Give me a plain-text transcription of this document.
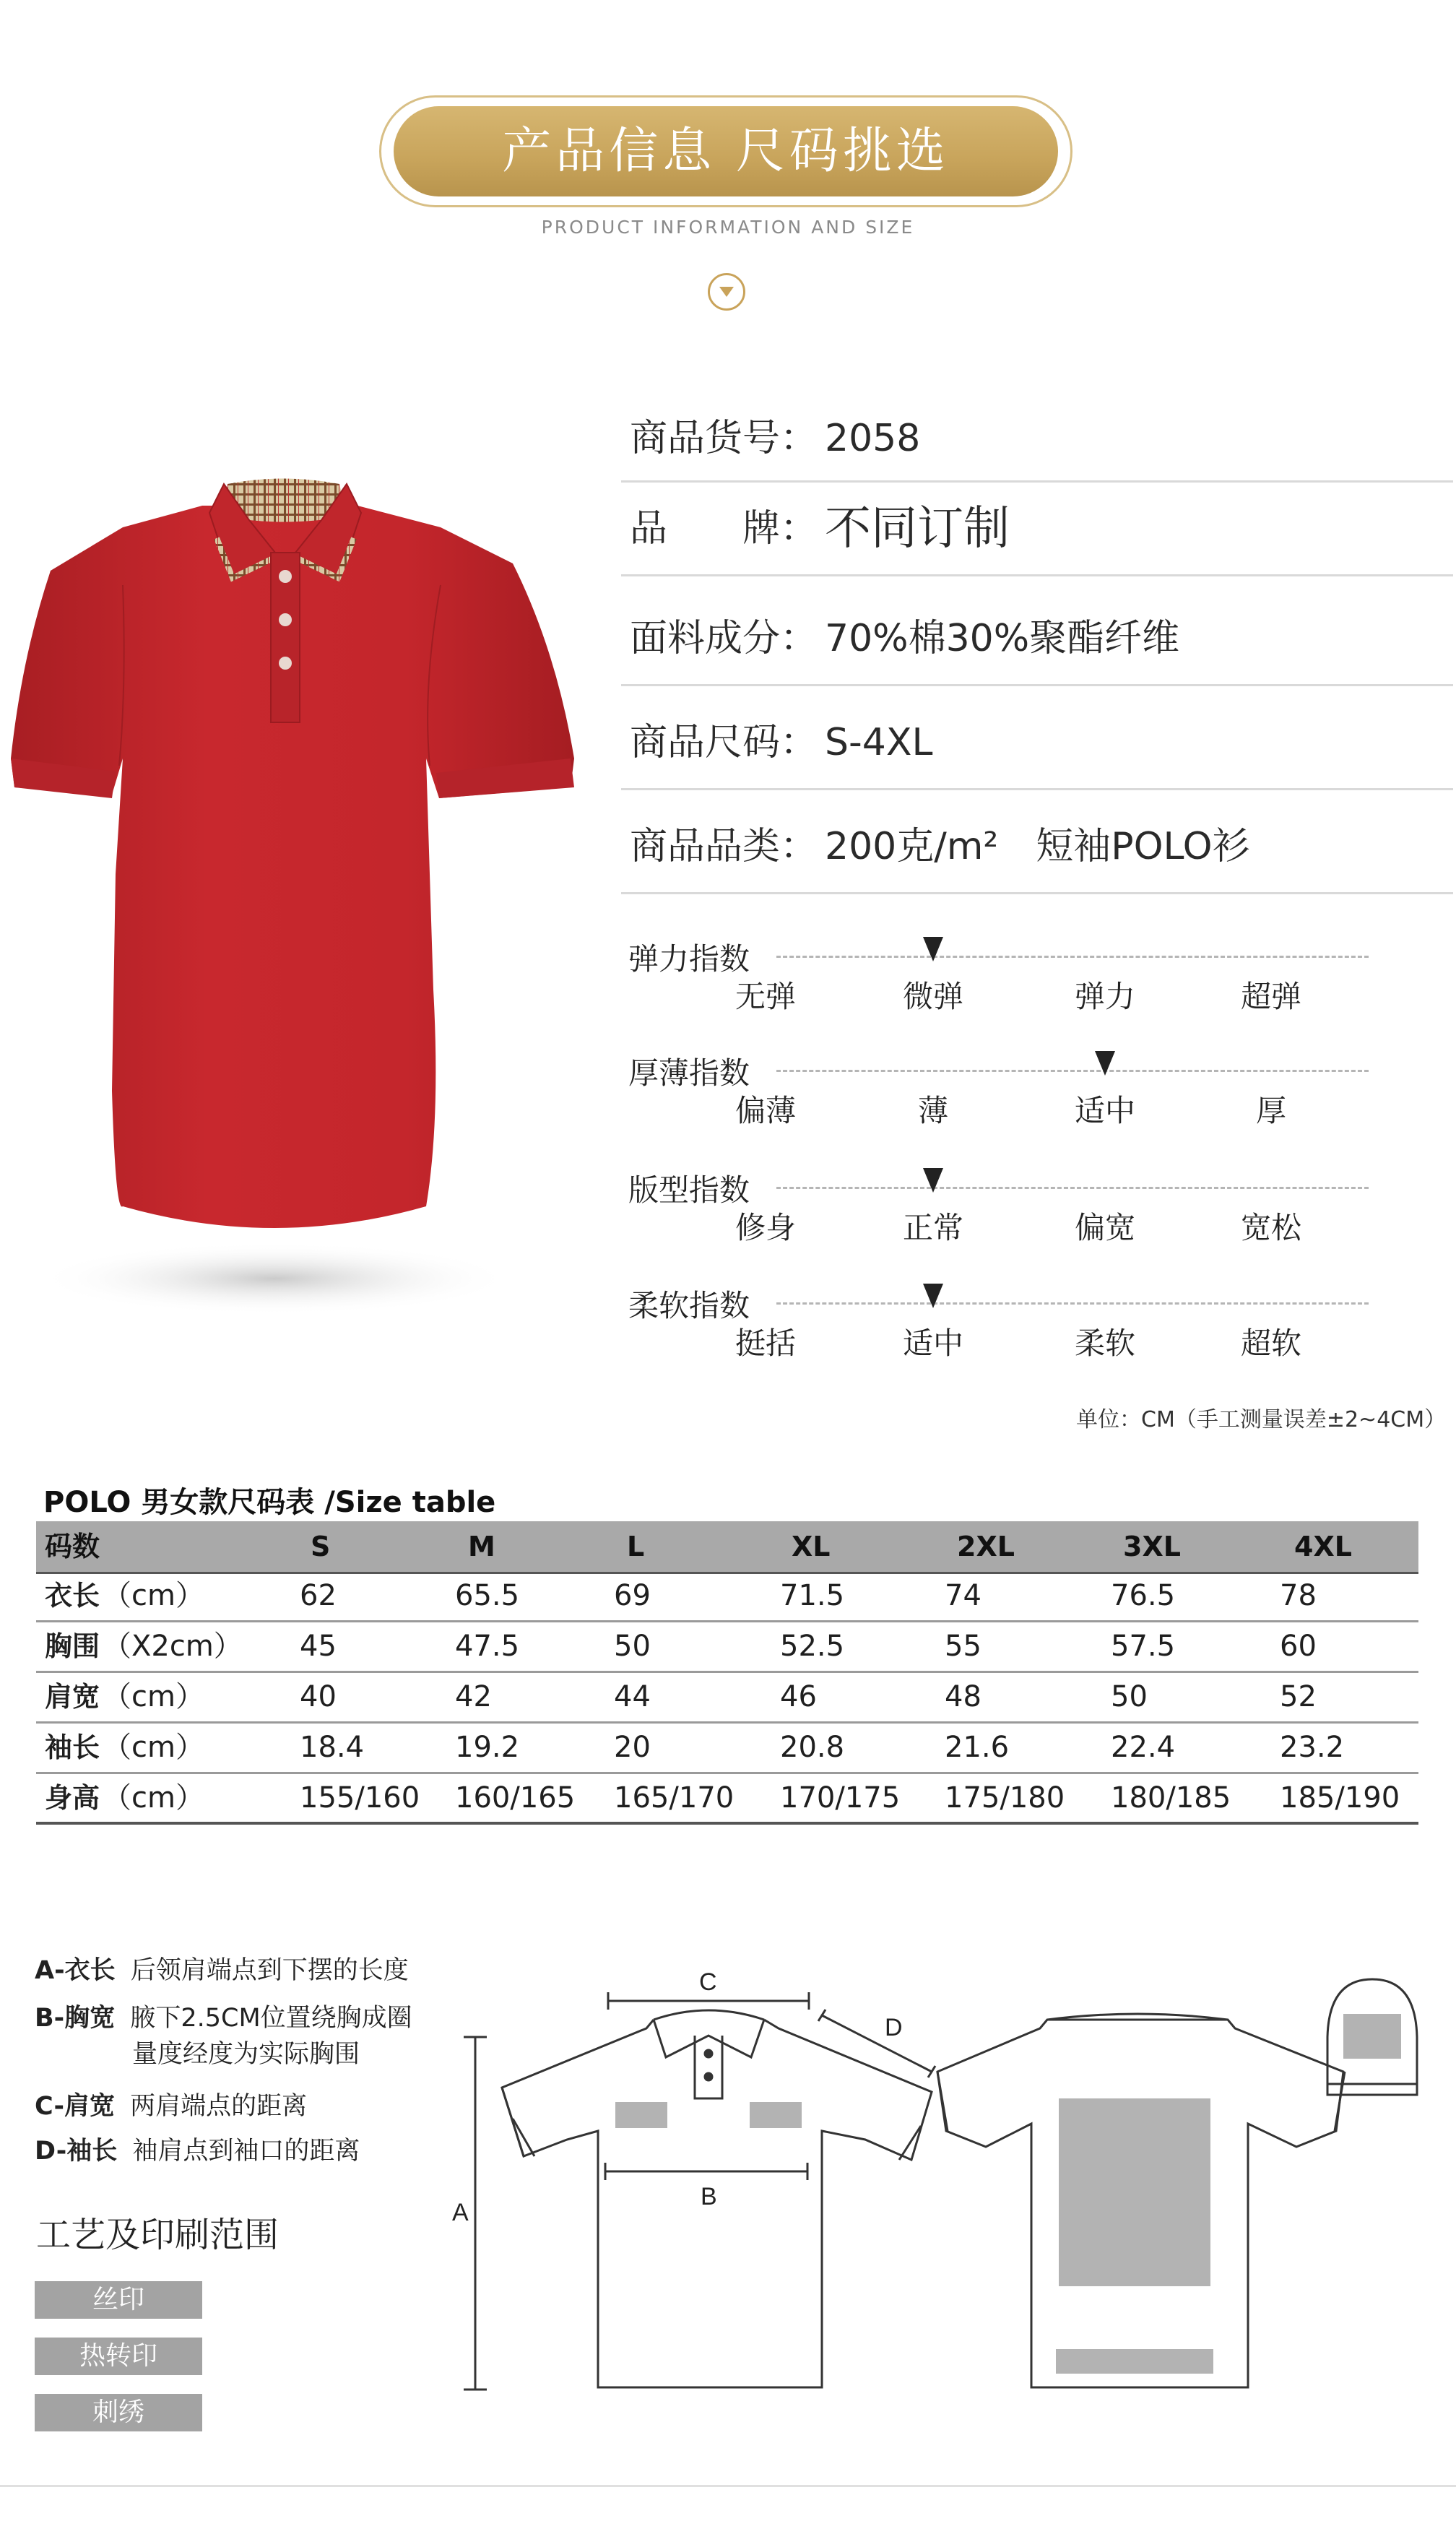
产品信息 尺码挑选
PRODUCT INFORMATION AND SIZE
商品货号： 2058
品　　牌： 不同订制
面料成分： 70%棉30%聚酯纤维
商品尺码： S-4XL
商品品类： 200克/m²　短袖POLO衫
弹力指数
无弹	微弹	弹力	超弹
厚薄指数
偏薄	薄	适中	厚
版型指数
修身	正常	偏宽	宽松
柔软指数
挺括	适中	柔软	超软
单位：CM（手工测量误差±2~4CM）
POLO 男女款尺码表 /Size table
码数	S	M	L	XL	2XL	3XL	4XL
衣长 （cm）	62	65.5	69	71.5	74	76.5	78
胸围 （X2cm） 45	47.5	50	52.5	55	57.5	60
肩宽 （cm）	40	42	44	46	48	50	52
袖长 （cm）	18.4	19.2	20	20.8	21.6	22.4	23.2
身高 （cm）	155/160 160/165 165/170 170/175 175/180 180/185 185/190
A-衣长 后领肩端点到下摆的长度
B-胸宽 腋下2.5CM位置绕胸成圈
量度经度为实际胸围
C-肩宽 两肩端点的距离
D-袖长 袖肩点到袖口的距离
工艺及印刷范围
丝印
热转印
刺绣
A
C
D
B
